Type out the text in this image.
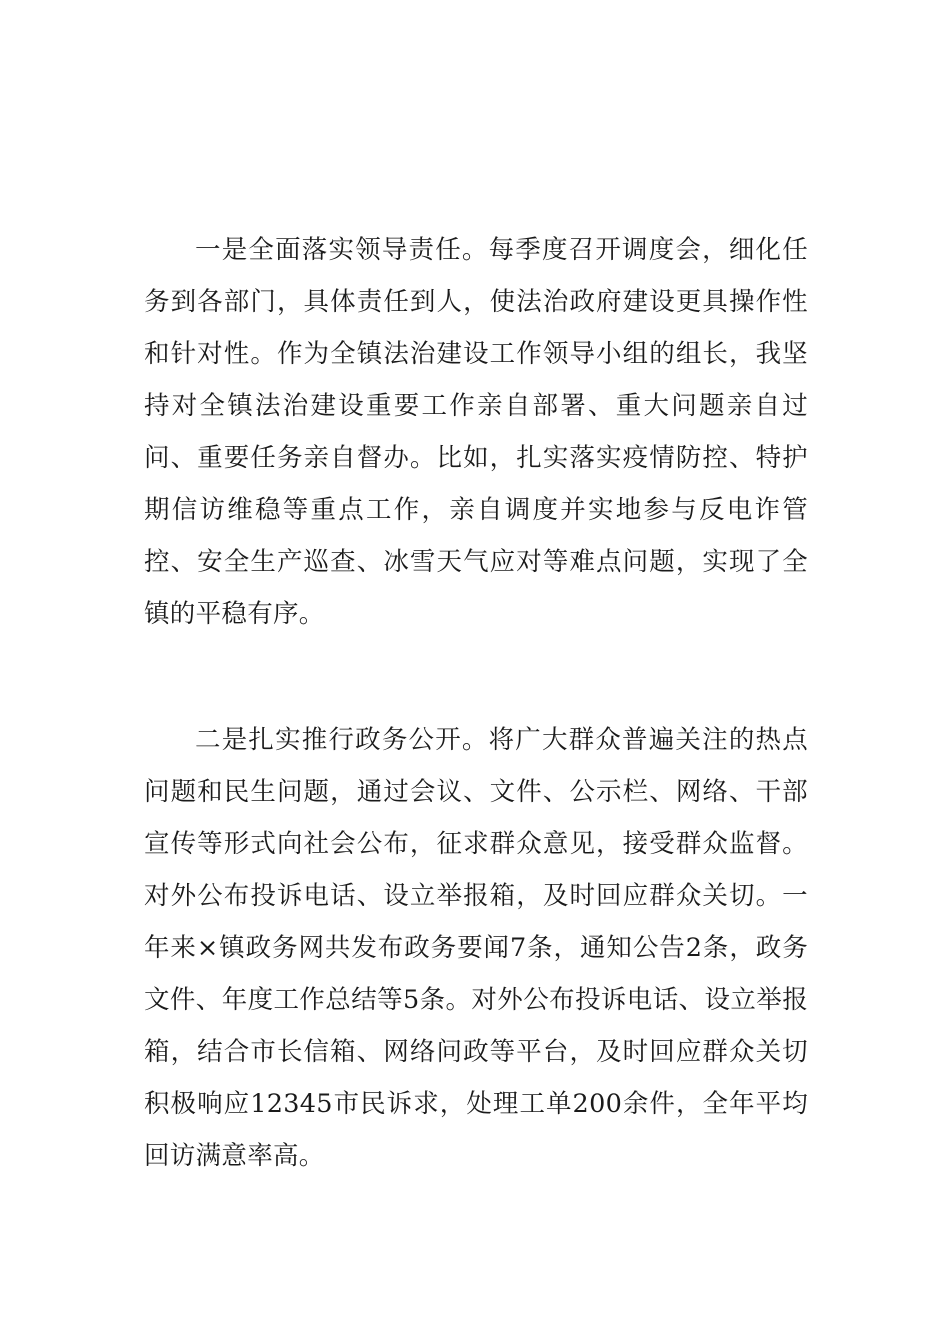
一是全面落实领导责任。每季度召开调度会，细化任务到各部门，具体责任到人，使法治政府建设更具操作性和针对性。作为全镇法治建设工作领导小组的组长，我坚持对全镇法治建设重要工作亲自部署、重大问题亲自过问、重要任务亲自督办。比如，扎实落实疫情防控、特护期信访维稳等重点工作，亲自调度并实地参与反电诈管控、安全生产巡查、冰雪天气应对等难点问题，实现了全镇的平稳有序。

二是扎实推行政务公开。将广大群众普遍关注的热点问题和民生问题，通过会议、文件、公示栏、网络、干部宣传等形式向社会公布，征求群众意见，接受群众监督。对外公布投诉电话、设立举报箱，及时回应群众关切。一年来×镇政务网共发布政务要闻7条，通知公告2条，政务文件、年度工作总结等5条。对外公布投诉电话、设立举报箱，结合市长信箱、网络问政等平台，及时回应群众关切积极响应12345市民诉求，处理工单200余件，全年平均回访满意率高。
